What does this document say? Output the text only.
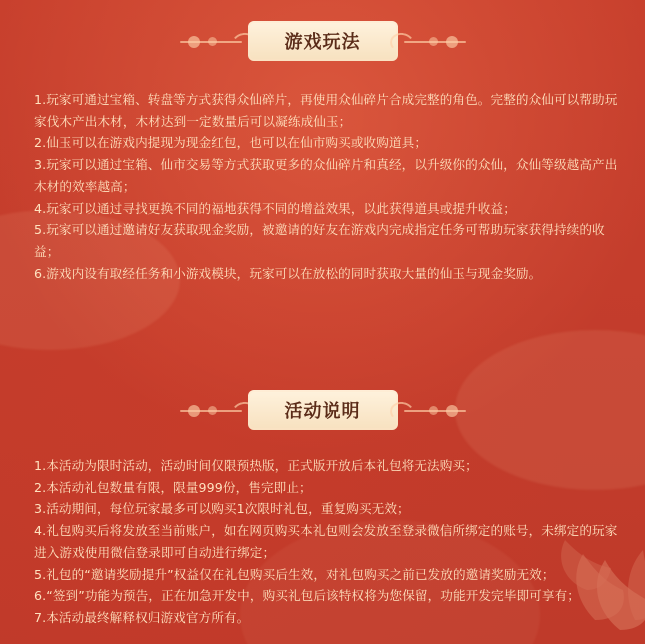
游戏玩法
1.玩家可通过宝箱、转盘等方式获得众仙碎片，再使用众仙碎片合成完整的角色。完整的众仙可以帮助玩家伐木产出木材，木材达到一定数量后可以凝练成仙玉；
2.仙玉可以在游戏内提现为现金红包，也可以在仙市购买或收购道具；
3.玩家可以通过宝箱、仙市交易等方式获取更多的众仙碎片和真经，以升级你的众仙，众仙等级越高产出木材的效率越高；
4.玩家可以通过寻找更换不同的福地获得不同的增益效果，以此获得道具或提升收益；
5.玩家可以通过邀请好友获取现金奖励，被邀请的好友在游戏内完成指定任务可帮助玩家获得持续的收益；
6.游戏内设有取经任务和小游戏模块，玩家可以在放松的同时获取大量的仙玉与现金奖励。
活动说明
1.本活动为限时活动，活动时间仅限预热版，正式版开放后本礼包将无法购买；
2.本活动礼包数量有限，限量999份，售完即止；
3.活动期间，每位玩家最多可以购买1次限时礼包，重复购买无效；
4.礼包购买后将发放至当前账户，如在网页购买本礼包则会发放至登录微信所绑定的账号，未绑定的玩家进入游戏使用微信登录即可自动进行绑定；
5.礼包的“邀请奖励提升”权益仅在礼包购买后生效，对礼包购买之前已发放的邀请奖励无效；
6.“签到”功能为预告，正在加急开发中，购买礼包后该特权将为您保留，功能开发完毕即可享有；
7.本活动最终解释权归游戏官方所有。
